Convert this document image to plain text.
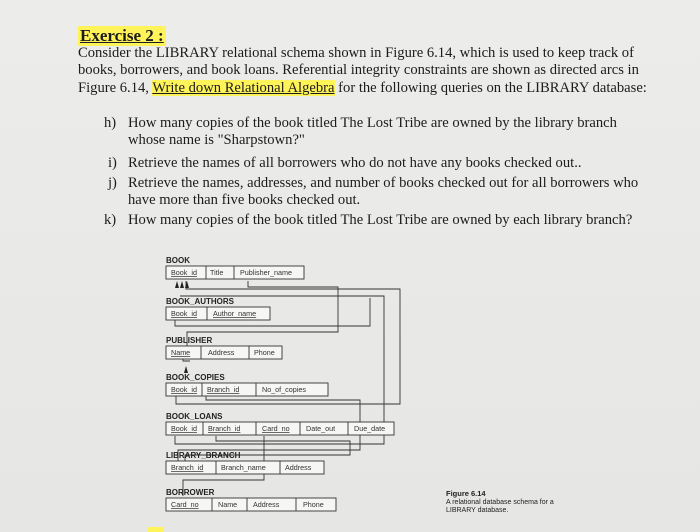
Exercise 2 :
Consider the LIBRARY relational schema shown in Figure 6.14, which is used to keep track of books, borrowers, and book loans. Referential integrity constraints are shown as directed arcs in Figure 6.14, Write down Relational Algebra for the following queries on the LIBRARY database:
h) How many copies of the book titled The Lost Tribe are owned by the library branch whose name is "Sharpstown?"
i) Retrieve the names of all borrowers who do not have any books checked out..
j) Retrieve the names, addresses, and number of books checked out for all borrowers who have more than five books checked out.
k) How many copies of the book titled The Lost Tribe are owned by each library branch?
BOOK
Book_id Title Publisher_name
BOOK_AUTHORS
Book_id Author_name
PUBLISHER
Name Address	Phone
BOOK_COPIES
Book_id Branch_id	No_of_copies
BOOK_LOANS
Book_id Branch_id	Card_no Date_out	Due_date
LIBRARY_BRANCH
Branch_id Branch_name	Address
BORROWER
Card_no	Name Address	Phone
Figure 6.14
A relational database schema for a LIBRARY database.
